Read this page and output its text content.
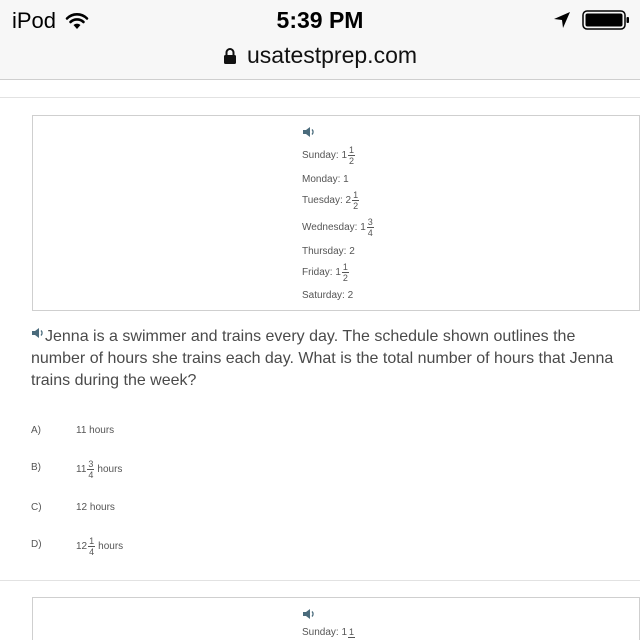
iPod	5:39 PM
usatestprep.com
Sunday: $1 \frac{1}{2}$
Monday: 1
Tuesday: $2 \frac{1}{2}$
Wednesday: $1 \frac{3}{4}$
Thursday: 2
Friday: $1 \frac{1}{2}$
Saturday: 2
Jenna is a swimmer and trains every day. The schedule shown outlines the number of hours she trains each day. What is the total number of hours that Jenna trains during the week?
A)	11 hours
B)	$11 \frac{3}{4}$ hours
C)	12 hours
D)	$12 \frac{1}{4}$ hours
Sunday: 1 1
